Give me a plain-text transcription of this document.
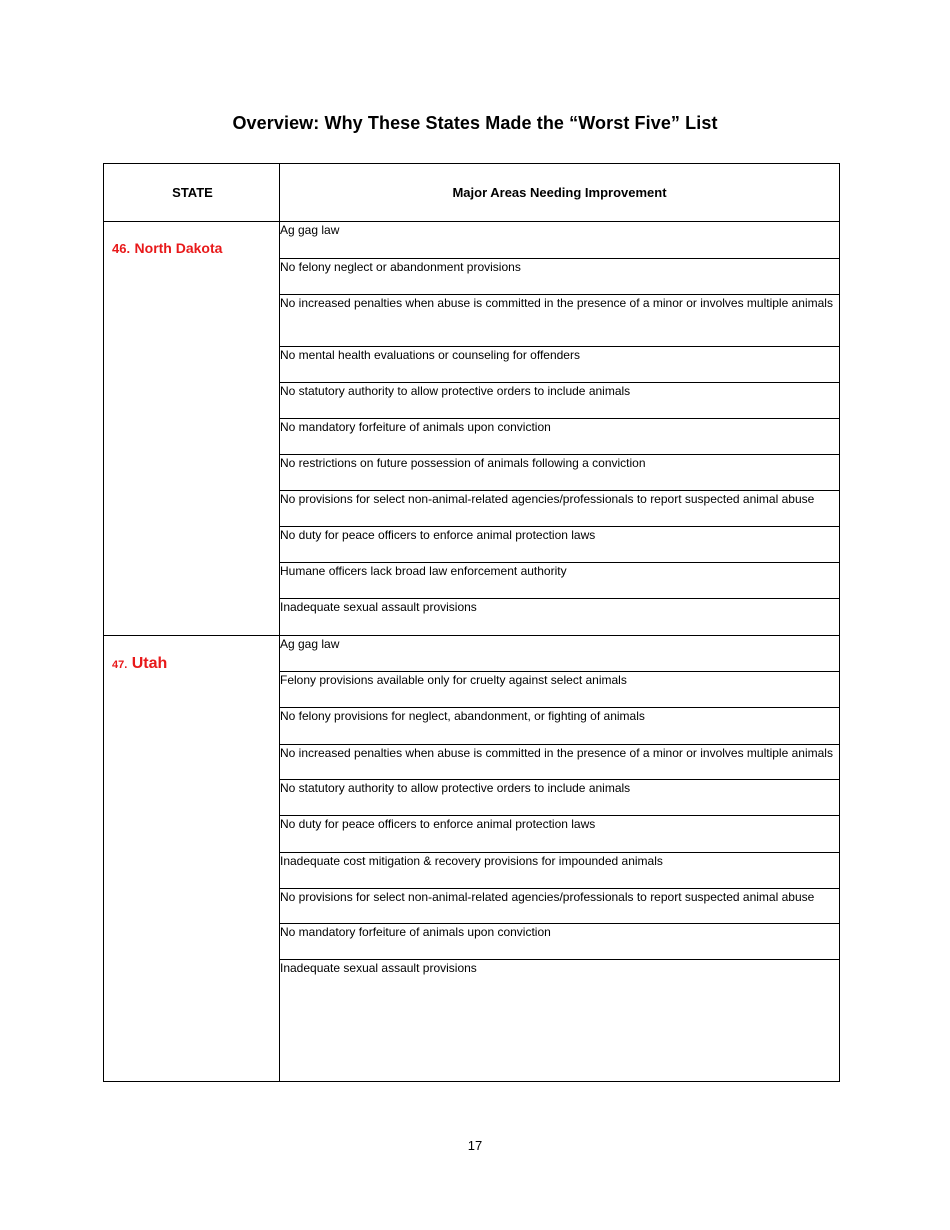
Overview: Why These States Made the “Worst Five” List
STATE	Major Areas Needing Improvement

46. North Dakota	Ag gag law
	No felony neglect or abandonment provisions
	No increased penalties when abuse is committed in the presence of a minor or involves multiple animals
	No mental health evaluations or counseling for offenders
	No statutory authority to allow protective orders to include animals
	No mandatory forfeiture of animals upon conviction
	No restrictions on future possession of animals following a conviction
	No provisions for select non-animal-related agencies/professionals to report suspected animal abuse
	No duty for peace officers to enforce animal protection laws
	Humane officers lack broad law enforcement authority
	Inadequate sexual assault provisions

47. Utah	Ag gag law
	Felony provisions available only for cruelty against select animals
	No felony provisions for neglect, abandonment, or fighting of animals
	No increased penalties when abuse is committed in the presence of a minor or involves multiple animals
	No statutory authority to allow protective orders to include animals
	No duty for peace officers to enforce animal protection laws
	Inadequate cost mitigation & recovery provisions for impounded animals
	No provisions for select non-animal-related agencies/professionals to report suspected animal abuse
	No mandatory forfeiture of animals upon conviction
	Inadequate sexual assault provisions
17
